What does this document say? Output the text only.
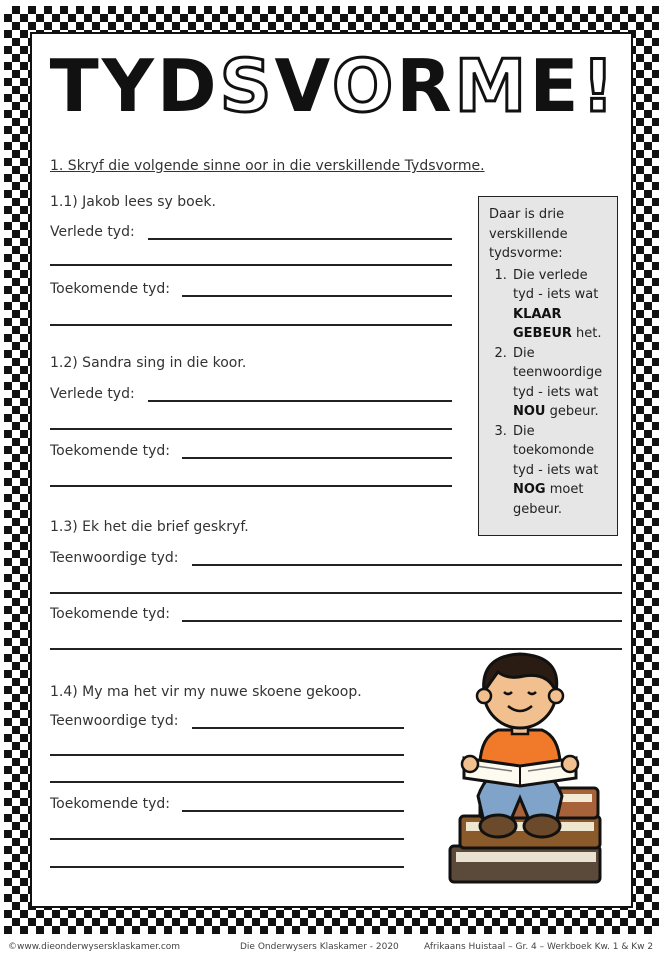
TYDSVORME!
1. Skryf die volgende sinne oor in die verskillende Tydsvorme.
1.1) Jakob lees sy boek.
Verlede tyd:
Toekomende tyd:
1.2) Sandra sing in die koor.
Verlede tyd:
Toekomende tyd:
1.3) Ek het die brief geskryf.
Teenwoordige tyd:
Toekomende tyd:
1.4) My ma het vir my nuwe skoene gekoop.
Teenwoordige tyd:
Toekomende tyd:
Daar is drie verskillende tydsvorme:
1. Die verlede tyd - iets wat KLAAR GEBEUR het.
2. Die teenwoordige tyd - iets wat NOU gebeur.
3. Die toekomonde tyd - iets wat NOG moet gebeur.
©www.dieonderwysersklaskamer.com	Die Onderwysers Klaskamer - 2020	Afrikaans Huistaal – Gr. 4 – Werkboek Kw. 1 & Kw 2
